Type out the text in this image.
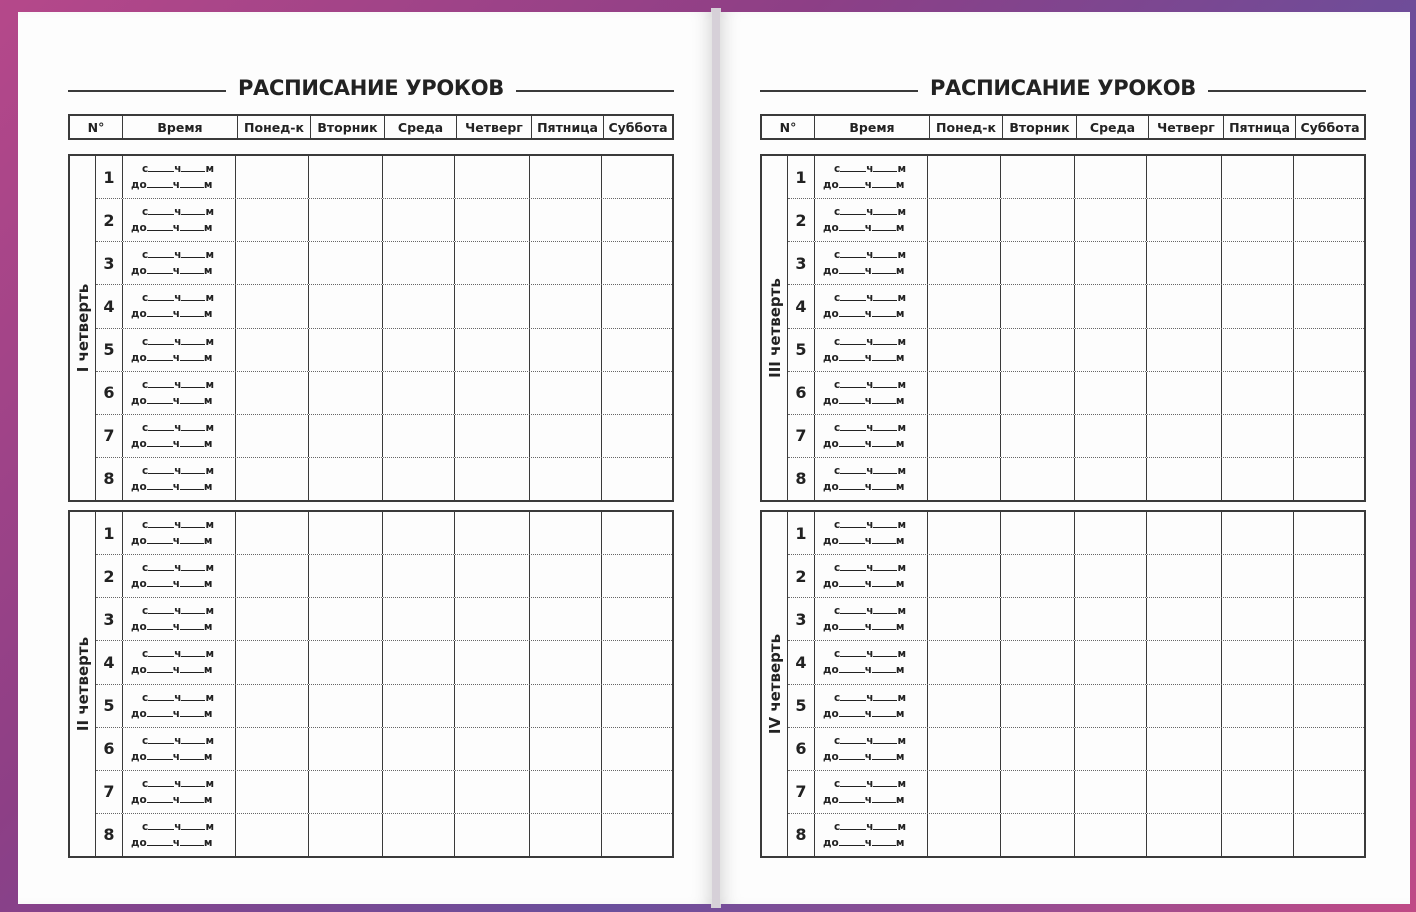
РАСПИСАНИЕ УРОКОВ
N°	Время	Понед-к	Вторник	Среда	Четверг	Пятница Суббота
I четверть
1	с ч м
до ч м
2	с ч м
до ч м
3	с ч м
до ч м
4	с ч м
до ч м
5	с ч м
до ч м
6	с ч м
до ч м
7	с ч м
до ч м
8	с ч м
до ч м
II четверть
1	с ч м
до ч м
2	с ч м
до ч м
3	с ч м
до ч м
4	с ч м
до ч м
5	с ч м
до ч м
6	с ч м
до ч м
7	с ч м
до ч м
8	с ч м
до ч м
РАСПИСАНИЕ УРОКОВ
N°	Время	Понед-к	Вторник	Среда	Четверг	Пятница Суббота
III четверть
1	с ч м
до ч м
2	с ч м
до ч м
3	с ч м
до ч м
4	с ч м
до ч м
5	с ч м
до ч м
6	с ч м
до ч м
7	с ч м
до ч м
8	с ч м
до ч м
IV четверть
1	с ч м
до ч м
2	с ч м
до ч м
3	с ч м
до ч м
4	с ч м
до ч м
5	с ч м
до ч м
6	с ч м
до ч м
7	с ч м
до ч м
8	с ч м
до ч м
